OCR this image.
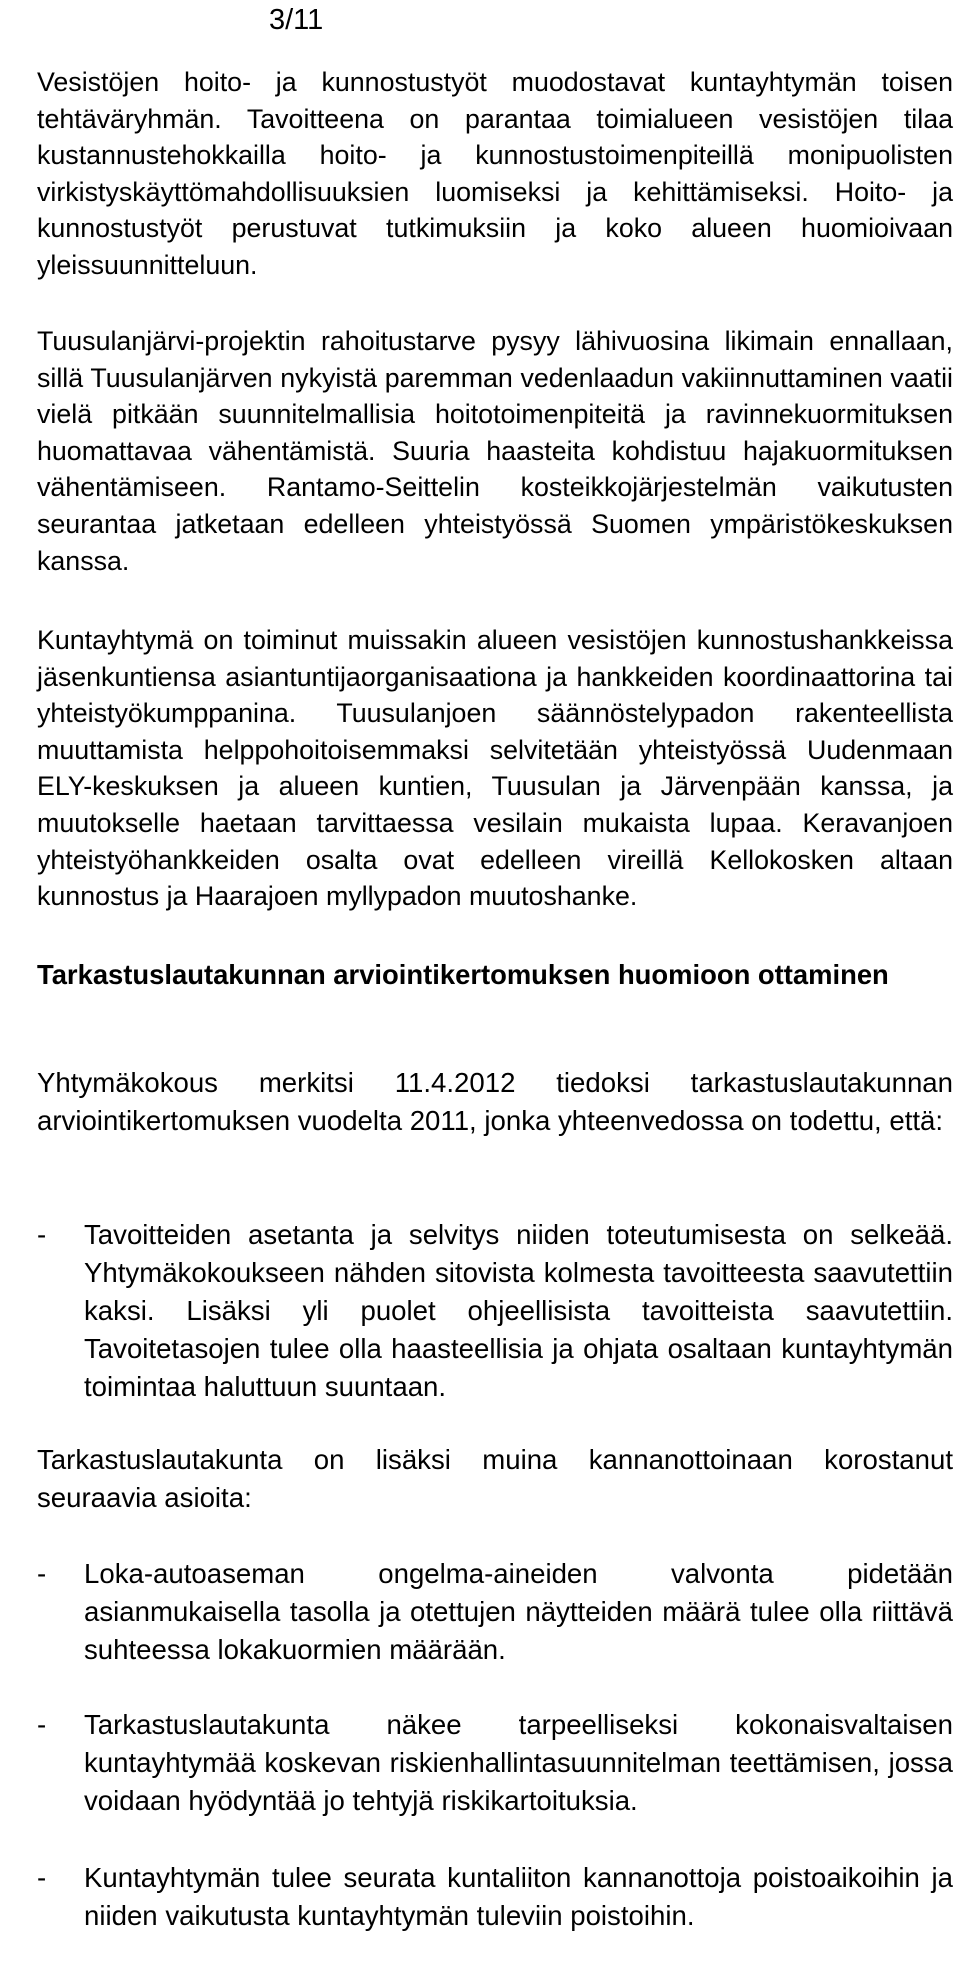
3/11

Vesistöjen hoito- ja kunnostustyöt muodostavat kuntayhtymän toisen tehtäväryhmän. Tavoitteena on parantaa toimialueen vesistöjen tilaa kustannustehokkailla hoito- ja kunnostustoimenpiteillä monipuolisten virkistyskäyttömahdollisuuksien luomiseksi ja kehittämiseksi. Hoito- ja kunnostustyöt perustuvat tutkimuksiin ja koko alueen huomioivaan yleissuunnitteluun.

Tuusulanjärvi-projektin rahoitustarve pysyy lähivuosina likimain ennallaan, sillä Tuusulanjärven nykyistä paremman vedenlaadun vakiinnuttaminen vaatii vielä pitkään suunnitelmallisia hoitotoimenpiteitä ja ravinnekuormituksen huomattavaa vähentämistä. Suuria haasteita kohdistuu hajakuormituksen vähentämiseen. Rantamo-Seittelin kosteikkojärjestelmän vaikutusten seurantaa jatketaan edelleen yhteistyössä Suomen ympäristökeskuksen kanssa.

Kuntayhtymä on toiminut muissakin alueen vesistöjen kunnostushankkeissa jäsenkuntiensa asiantuntijaorganisaationa ja hankkeiden koordinaattorina tai yhteistyökumppanina. Tuusulanjoen säännöstelypadon rakenteellista muuttamista helppohoitoisemmaksi selvitetään yhteistyössä Uudenmaan ELY-keskuksen ja alueen kuntien, Tuusulan ja Järvenpään kanssa, ja muutokselle haetaan tarvittaessa vesilain mukaista lupaa. Keravanjoen yhteistyöhankkeiden osalta ovat edelleen vireillä Kellokosken altaan kunnostus ja Haarajoen myllypadon muutoshanke.

Tarkastuslautakunnan arviointikertomuksen huomioon ottaminen

Yhtymäkokous merkitsi 11.4.2012 tiedoksi tarkastuslautakunnan arviointikertomuksen vuodelta 2011, jonka yhteenvedossa on todettu, että:

- Tavoitteiden asetanta ja selvitys niiden toteutumisesta on selkeää. Yhtymäkokoukseen nähden sitovista kolmesta tavoitteesta saavutettiin kaksi. Lisäksi yli puolet ohjeellisista tavoitteista saavutettiin. Tavoitetasojen tulee olla haasteellisia ja ohjata osaltaan kuntayhtymän toimintaa haluttuun suuntaan.

Tarkastuslautakunta on lisäksi muina kannanottoinaan korostanut seuraavia asioita:

- Loka-autoaseman ongelma-aineiden valvonta pidetään asianmukaisella tasolla ja otettujen näytteiden määrä tulee olla riittävä suhteessa lokakuormien määrään.
- Tarkastuslautakunta näkee tarpeelliseksi kokonaisvaltaisen kuntayhtymää koskevan riskienhallintasuunnitelman teettämisen, jossa voidaan hyödyntää jo tehtyjä riskikartoituksia.
- Kuntayhtymän tulee seurata kuntaliiton kannanottoja poistoaikoihin ja niiden vaikutusta kuntayhtymän tuleviin poistoihin.
